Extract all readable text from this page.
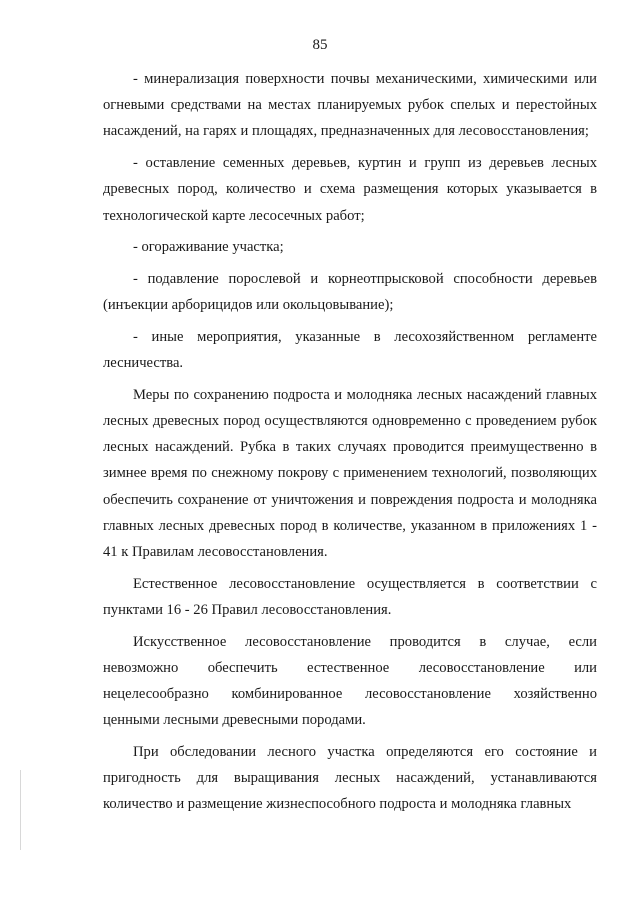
85

- минерализация поверхности почвы механическими, химическими или огневыми средствами на местах планируемых рубок спелых и перестойных насаждений, на гарях и площадях, предназначенных для лесовосстановления;

- оставление семенных деревьев, куртин и групп из деревьев лесных древесных пород, количество и схема размещения которых указывается в технологической карте лесосечных работ;

- огораживание участка;

- подавление порослевой и корнеотпрысковой способности деревьев (инъекции арборицидов или окольцовывание);

- иные мероприятия, указанные в лесохозяйственном регламенте лесничества.

Меры по сохранению подроста и молодняка лесных насаждений главных лесных древесных пород осуществляются одновременно с проведением рубок лесных насаждений. Рубка в таких случаях проводится преимущественно в зимнее время по снежному покрову с применением технологий, позволяющих обеспечить сохранение от уничтожения и повреждения подроста и молодняка главных лесных древесных пород в количестве, указанном в приложениях 1 - 41 к Правилам лесовосстановления.

Естественное лесовосстановление осуществляется в соответствии с пунктами 16 - 26 Правил лесовосстановления.

Искусственное лесовосстановление проводится в случае, если невозможно обеспечить естественное лесовосстановление или нецелесообразно комбинированное лесовосстановление хозяйственно ценными лесными древесными породами.

При обследовании лесного участка определяются его состояние и пригодность для выращивания лесных насаждений, устанавливаются количество и размещение жизнеспособного подроста и молодняка главных
